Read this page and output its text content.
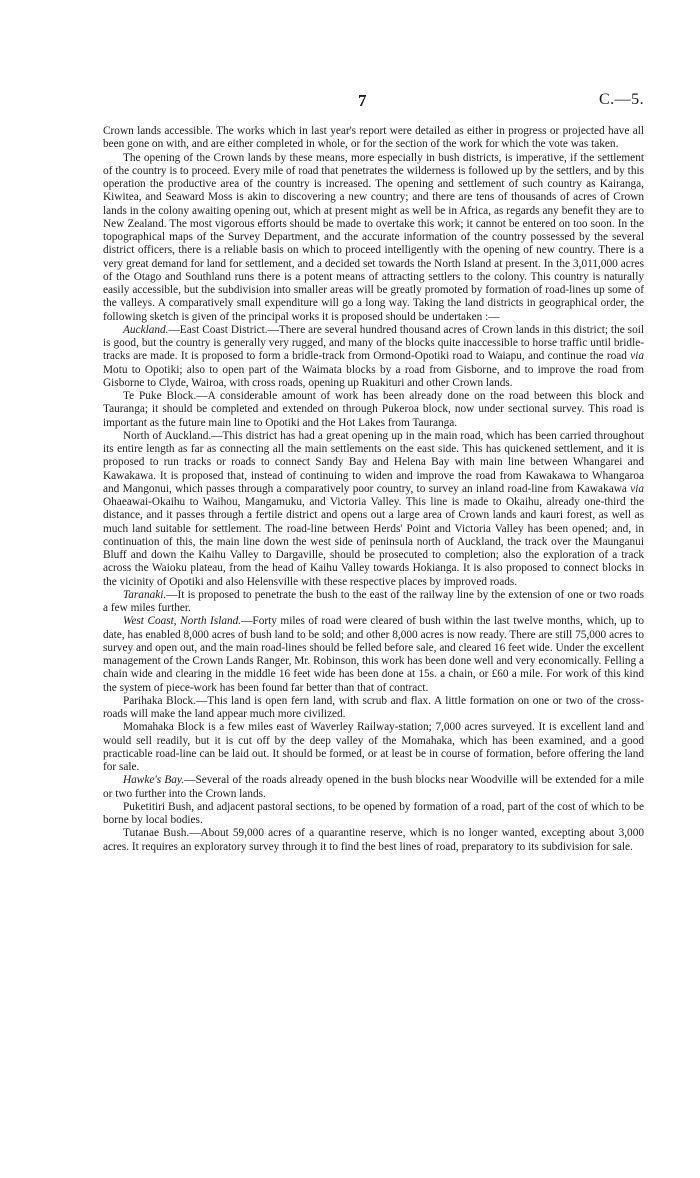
7	C.—5.

Crown lands accessible. The works which in last year's report were detailed as either in progress or projected have all been gone on with, and are either completed in whole, or for the section of the work for which the vote was taken.

The opening of the Crown lands by these means, more especially in bush districts, is imperative, if the settlement of the country is to proceed. Every mile of road that penetrates the wilderness is followed up by the settlers, and by this operation the productive area of the country is increased. The opening and settlement of such country as Kairanga, Kiwitea, and Seaward Moss is akin to discovering a new country; and there are tens of thousands of acres of Crown lands in the colony awaiting opening out, which at present might as well be in Africa, as regards any benefit they are to New Zealand. The most vigorous efforts should be made to overtake this work; it cannot be entered on too soon. In the topographical maps of the Survey Department, and the accurate information of the country possessed by the several district officers, there is a reliable basis on which to proceed intelligently with the opening of new country. There is a very great demand for land for settlement, and a decided set towards the North Island at present. In the 3,011,000 acres of the Otago and Southland runs there is a potent means of attracting settlers to the colony. This country is naturally easily accessible, but the subdivision into smaller areas will be greatly promoted by formation of road-lines up some of the valleys. A comparatively small expenditure will go a long way. Taking the land districts in geographical order, the following sketch is given of the principal works it is proposed should be undertaken :—

Auckland.—East Coast District.—There are several hundred thousand acres of Crown lands in this district; the soil is good, but the country is generally very rugged, and many of the blocks quite inaccessible to horse traffic until bridle-tracks are made. It is proposed to form a bridle-track from Ormond-Opotiki road to Waiapu, and continue the road via Motu to Opotiki; also to open part of the Waimata blocks by a road from Gisborne, and to improve the road from Gisborne to Clyde, Wairoa, with cross roads, opening up Ruakituri and other Crown lands.

Te Puke Block.—A considerable amount of work has been already done on the road between this block and Tauranga; it should be completed and extended on through Pukeroa block, now under sectional survey. This road is important as the future main line to Opotiki and the Hot Lakes from Tauranga.

North of Auckland.—This district has had a great opening up in the main road, which has been carried throughout its entire length as far as connecting all the main settlements on the east side. This has quickened settlement, and it is proposed to run tracks or roads to connect Sandy Bay and Helena Bay with main line between Whangarei and Kawakawa. It is proposed that, instead of continuing to widen and improve the road from Kawakawa to Whangaroa and Mangonui, which passes through a comparatively poor country, to survey an inland road-line from Kawakawa via Ohaeawai-Okaihu to Waihou, Mangamuku, and Victoria Valley. This line is made to Okaihu, already one-third the distance, and it passes through a fertile district and opens out a large area of Crown lands and kauri forest, as well as much land suitable for settlement. The road-line between Herds' Point and Victoria Valley has been opened; and, in continuation of this, the main line down the west side of peninsula north of Auckland, the track over the Maunganui Bluff and down the Kaihu Valley to Dargaville, should be prosecuted to completion; also the exploration of a track across the Waioku plateau, from the head of Kaihu Valley towards Hokianga. It is also proposed to connect blocks in the vicinity of Opotiki and also Helensville with these respective places by improved roads.

Taranaki.—It is proposed to penetrate the bush to the east of the railway line by the extension of one or two roads a few miles further.

West Coast, North Island.—Forty miles of road were cleared of bush within the last twelve months, which, up to date, has enabled 8,000 acres of bush land to be sold; and other 8,000 acres is now ready. There are still 75,000 acres to survey and open out, and the main road-lines should be felled before sale, and cleared 16 feet wide. Under the excellent management of the Crown Lands Ranger, Mr. Robinson, this work has been done well and very economically. Felling a chain wide and clearing in the middle 16 feet wide has been done at 15s. a chain, or £60 a mile. For work of this kind the system of piece-work has been found far better than that of contract.

Parihaka Block.—This land is open fern land, with scrub and flax. A little formation on one or two of the cross-roads will make the land appear much more civilized.

Momahaka Block is a few miles east of Waverley Railway-station; 7,000 acres surveyed. It is excellent land and would sell readily, but it is cut off by the deep valley of the Momahaka, which has been examined, and a good practicable road-line can be laid out. It should be formed, or at least be in course of formation, before offering the land for sale.

Hawke's Bay.—Several of the roads already opened in the bush blocks near Woodville will be extended for a mile or two further into the Crown lands.

Puketitiri Bush, and adjacent pastoral sections, to be opened by formation of a road, part of the cost of which to be borne by local bodies.

Tutanae Bush.—About 59,000 acres of a quarantine reserve, which is no longer wanted, excepting about 3,000 acres. It requires an exploratory survey through it to find the best lines of road, preparatory to its subdivision for sale.
